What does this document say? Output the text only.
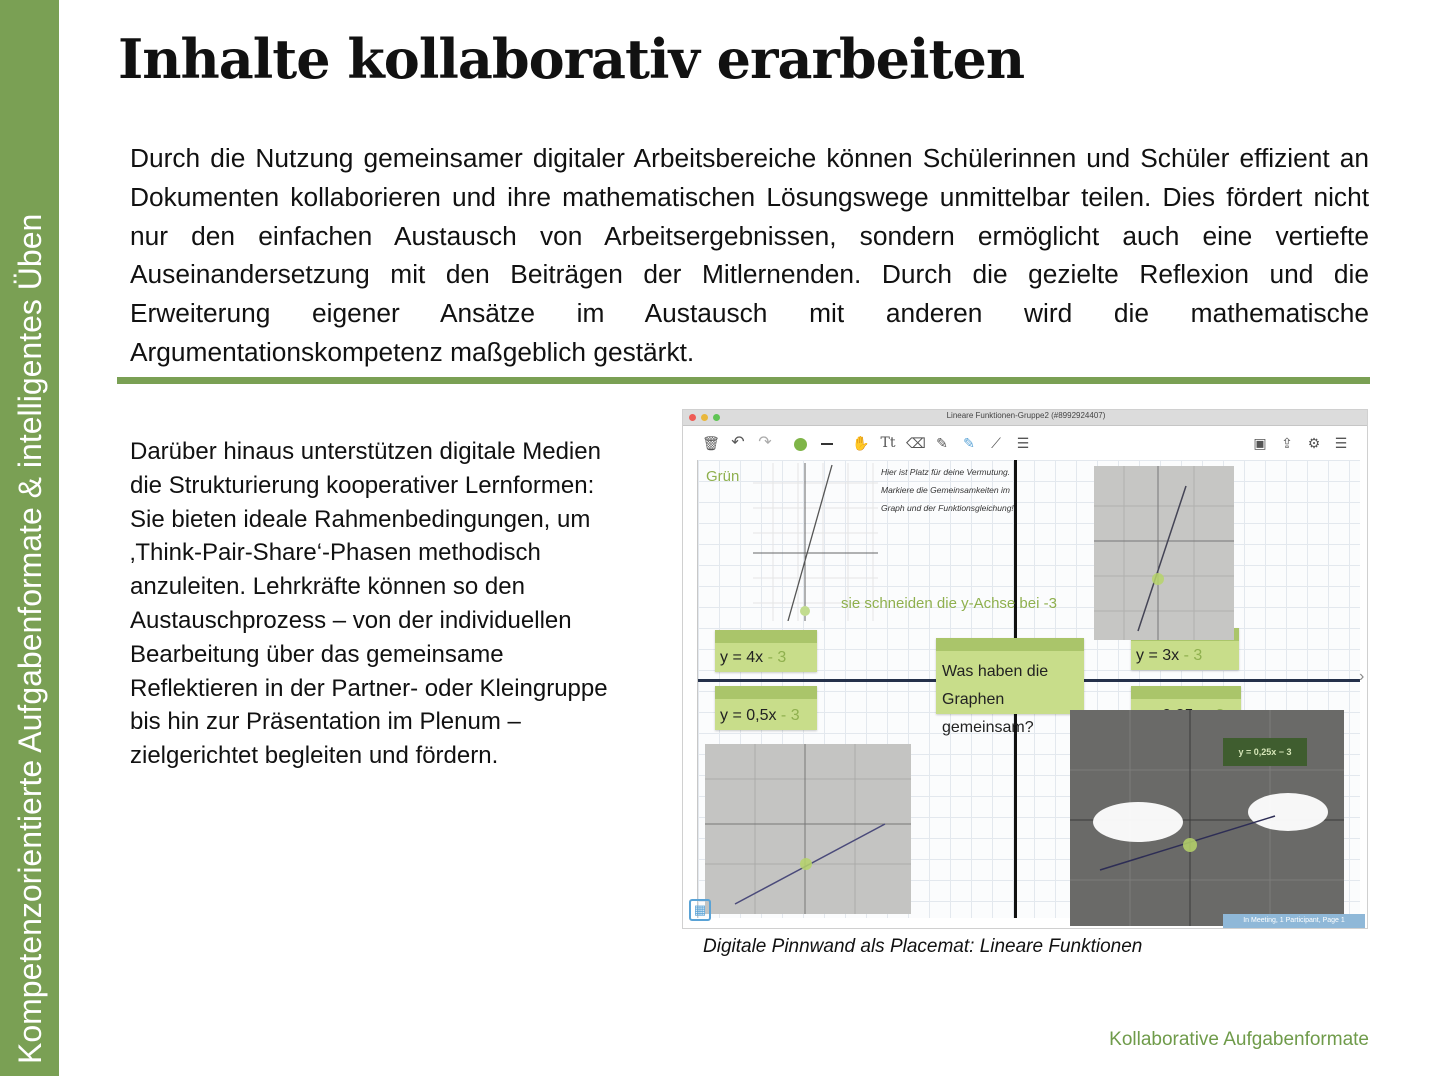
Kompetenzorientierte Aufgabenformate & intelligentes Üben
Inhalte kollaborativ erarbeiten

Durch die Nutzung gemeinsamer digitaler Arbeitsbereiche können Schülerinnen und Schüler effizient an Dokumenten kollaborieren und ihre mathematischen Lösungswege unmittelbar teilen. Dies fördert nicht nur den einfachen Austausch von Arbeitsergebnissen, sondern ermöglicht auch eine vertiefte Auseinandersetzung mit den Beiträgen der Mitlernenden. Durch die gezielte Reflexion und die Erweiterung eigener Ansätze im Austausch mit anderen wird die mathematische Argumentationskompetenz maßgeblich gestärkt.

Darüber hinaus unterstützen digitale Medien die Strukturierung kooperativer Lernformen: Sie bieten ideale Rahmenbedingungen, um ‚Think-Pair-Share‘-Phasen methodisch anzuleiten. Lehrkräfte können so den Austauschprozess – von der individuellen Bearbeitung über das gemeinsame Reflektieren in der Partner- oder Kleingruppe bis hin zur Präsentation im Plenum – zielgerichtet begleiten und fördern.

Lineare Funktionen-Gruppe2 (#8992924407)
🗑 ↶ ↷	✋ Tt ⌫ ✎ ✎ ⟋ ☰	▣ ⇪ ⚙ ☰
Grün	Hier ist Platz für deine Vermutung.
Markiere die Gemeinsamkeiten im
Graph und der Funktionsgleichung!
sie schneiden die y-Achse bei -3
y = 4x - 3
y = 0,5x - 3
y = 3x - 3
Was haben die
Graphen gemeinsam?
y = 0,25x − 3
›
▦
In Meeting, 1 Participant, Page 1
Digitale Pinnwand als Placemat: Lineare Funktionen
Kollaborative Aufgabenformate
